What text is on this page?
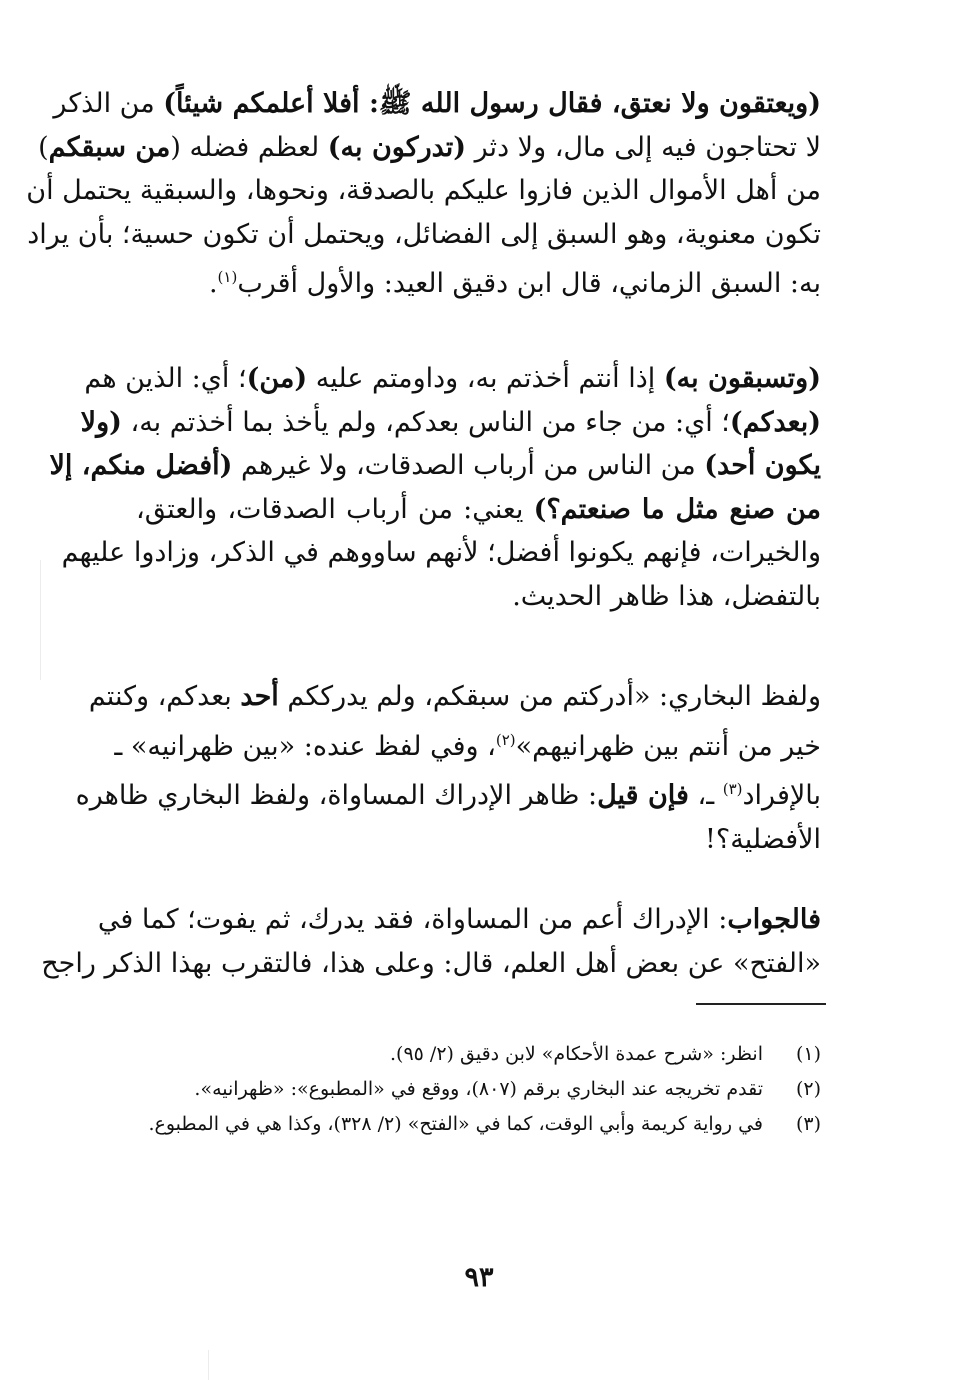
(ويعتقون ولا نعتق، فقال رسول الله ﷺ: أفلا أعلمكم شيئاً) من الذكر
لا تحتاجون فيه إلى مال، ولا دثر (تدركون به) لعظم فضله (من سبقكم)
من أهل الأموال الذين فازوا عليكم بالصدقة، ونحوها، والسبقية يحتمل أن
تكون معنوية، وهو السبق إلى الفضائل، ويحتمل أن تكون حسية؛ بأن يراد
به: السبق الزماني، قال ابن دقيق العيد: والأول أقرب$^{(١)}$.

(وتسبقون به) إذا أنتم أخذتم به، وداومتم عليه (من)؛ أي: الذين هم
(بعدكم)؛ أي: من جاء من الناس بعدكم، ولم يأخذ بما أخذتم به، (ولا
يكون أحد) من الناس من أرباب الصدقات، ولا غيرهم (أفضل منكم، إلا
من صنع مثل ما صنعتم؟) يعني: من أرباب الصدقات، والعتق،
والخيرات، فإنهم يكونوا أفضل؛ لأنهم ساووهم في الذكر، وزادوا عليهم
بالتفضل، هذا ظاهر الحديث.

ولفظ البخاري: «أدركتم من سبقكم، ولم يدرككم أحد بعدكم، وكنتم
خير من أنتم بين ظهرانيهم»$^{(٢)}$، وفي لفظ عنده: «بين ظهرانيه» ـ
بالإفراد$^{(٣)}$ ـ، فإن قيل: ظاهر الإدراك المساواة، ولفظ البخاري ظاهره
الأفضلية؟!

فالجواب: الإدراك أعم من المساواة، فقد يدرك، ثم يفوت؛ كما في
«الفتح» عن بعض أهل العلم، قال: وعلى هذا، فالتقرب بهذا الذكر راجح

(١)
انظر: «شرح عمدة الأحكام» لابن دقيق (٢/ ٩٥).
(٢)
تقدم تخريجه عند البخاري برقم (٨٠٧)، ووقع في «المطبوع»: «ظهرانيه».
(٣)
في رواية كريمة وأبي الوقت، كما في «الفتح» (٢/ ٣٢٨)، وكذا هي في المطبوع.
٩٣
